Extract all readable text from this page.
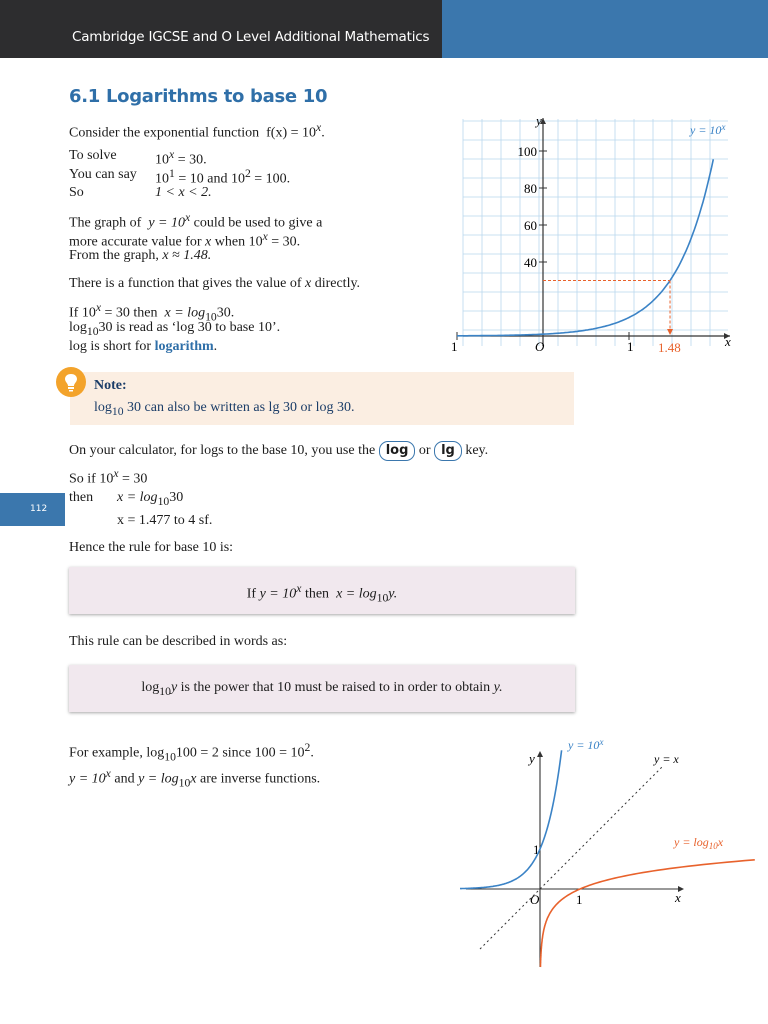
Cambridge IGCSE and O Level Additional Mathematics
112
6.1 Logarithms to base 10
Consider the exponential function $f(x) = 10^x$.
To solve	$10^x = 30$.
You can say $10^1 = 10$ and $10^2 = 100$.
So	1 < x < 2.
The graph of $y = 10^x$ could be used to give a
more accurate value for x when $10^x = 30$.
From the graph, x ≈ 1.48.
There is a function that gives the value of x directly.
If $10^x = 30$ then $x = \log_{10}30$.
$\log_{10}30$ is read as ‘log 30 to base 10’.
log is short for logarithm.
y
x
100
80
60
40
1	1
O	1.48
$y = 10^x$
Note:
$\log_{10} 30$ can also be written as lg 30 or log 30.
On your calculator, for logs to the base 10, you use the log or lg key.
So if $10^x = 30$
then $x = \log_{10}30$
x = 1.477 to 4 sf.
Hence the rule for base 10 is:
If $y = 10^x$ then $x = \log_{10}y$.
This rule can be described in words as:
$\log_{10}y$ is the power that 10 must be raised to in order to obtain y.
For example, $\log_{10}100 = 2$ since $100 = 10^2$.
$y = 10^x$ and $y = \log_{10}x$ are inverse functions.
y
x
O
1
1
$y = 10^x$
y = x
$y = \log_{10}x$
